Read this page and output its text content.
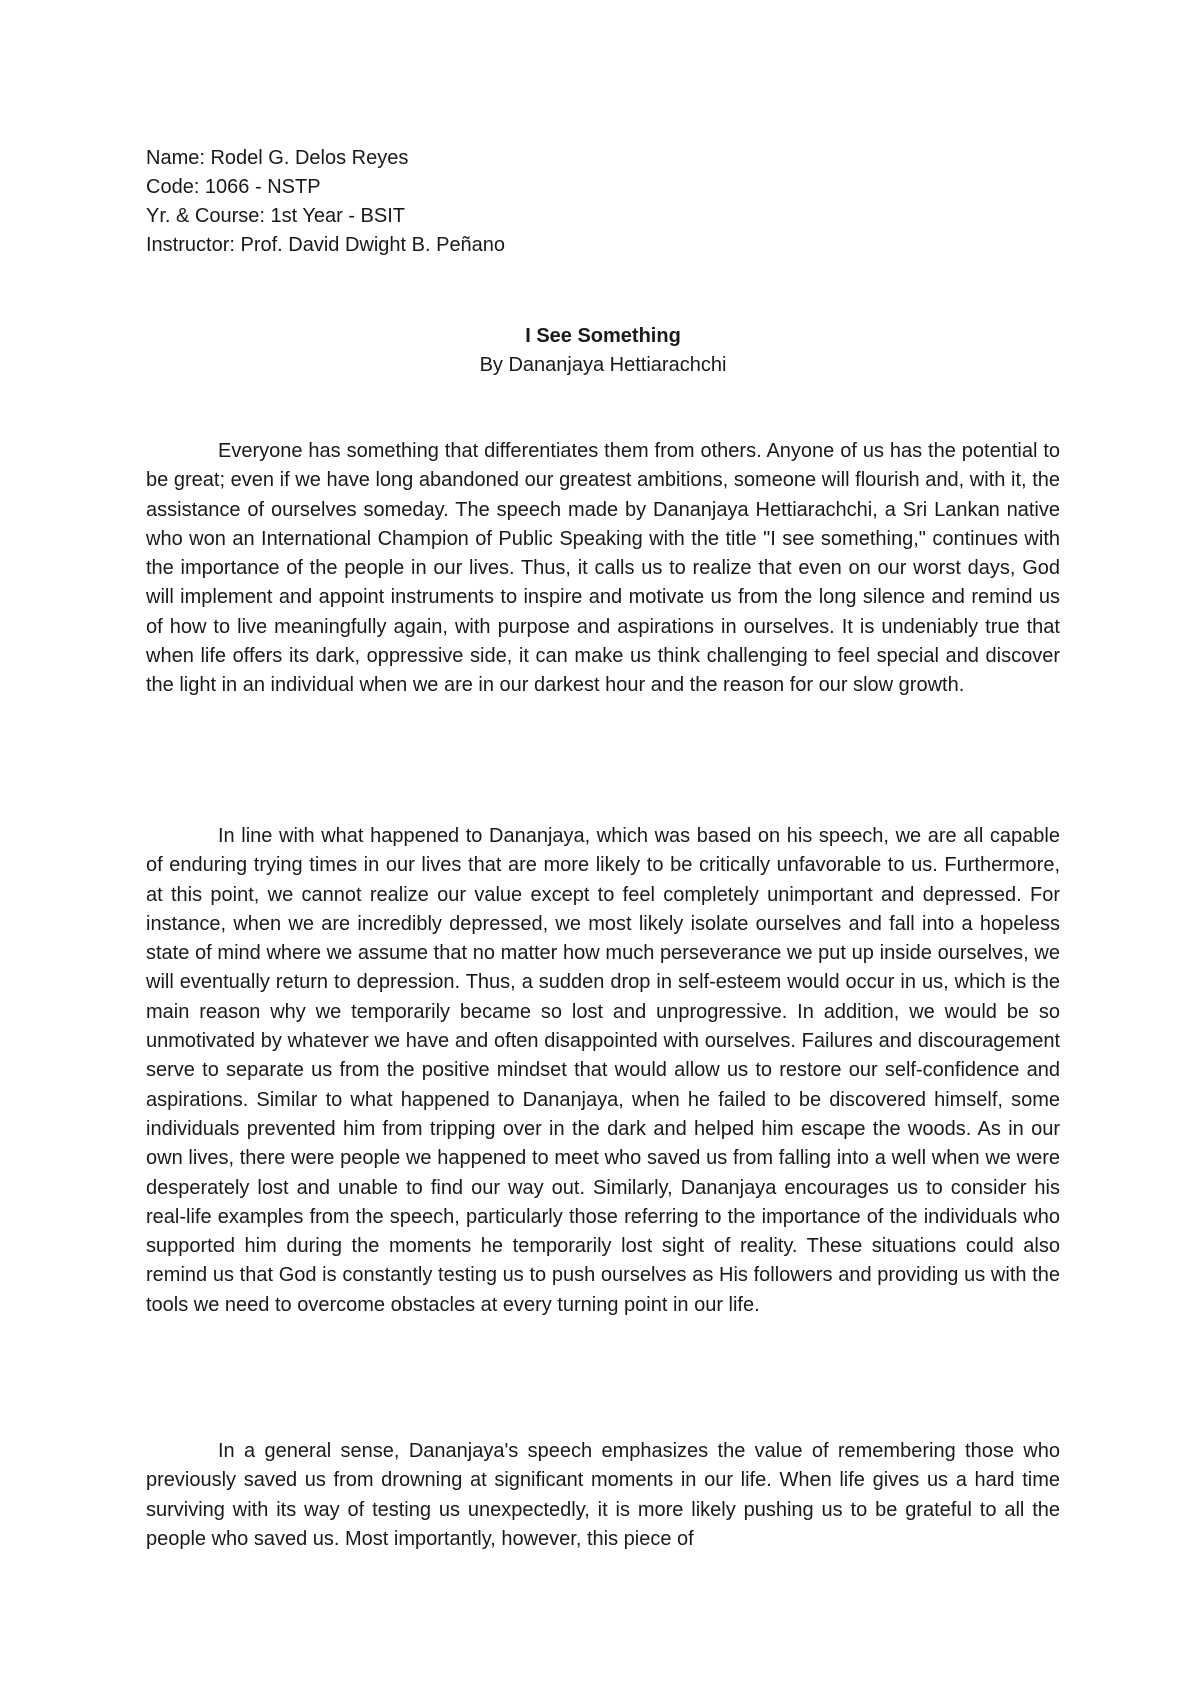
Name: Rodel G. Delos Reyes
Code: 1066 - NSTP
Yr. & Course: 1st Year - BSIT
Instructor: Prof. David Dwight B. Peñano
I See Something
By Dananjaya Hettiarachchi

Everyone has something that differentiates them from others. Anyone of us has the potential to be great; even if we have long abandoned our greatest ambitions, someone will flourish and, with it, the assistance of ourselves someday. The speech made by Dananjaya Hettiarachchi, a Sri Lankan native who won an International Champion of Public Speaking with the title "I see something," continues with the importance of the people in our lives. Thus, it calls us to realize that even on our worst days, God will implement and appoint instruments to inspire and motivate us from the long silence and remind us of how to live meaningfully again, with purpose and aspirations in ourselves. It is undeniably true that when life offers its dark, oppressive side, it can make us think challenging to feel special and discover the light in an individual when we are in our darkest hour and the reason for our slow growth.

In line with what happened to Dananjaya, which was based on his speech, we are all capable of enduring trying times in our lives that are more likely to be critically unfavorable to us. Furthermore, at this point, we cannot realize our value except to feel completely unimportant and depressed. For instance, when we are incredibly depressed, we most likely isolate ourselves and fall into a hopeless state of mind where we assume that no matter how much perseverance we put up inside ourselves, we will eventually return to depression. Thus, a sudden drop in self-esteem would occur in us, which is the main reason why we temporarily became so lost and unprogressive. In addition, we would be so unmotivated by whatever we have and often disappointed with ourselves. Failures and discouragement serve to separate us from the positive mindset that would allow us to restore our self-confidence and aspirations. Similar to what happened to Dananjaya, when he failed to be discovered himself, some individuals prevented him from tripping over in the dark and helped him escape the woods. As in our own lives, there were people we happened to meet who saved us from falling into a well when we were desperately lost and unable to find our way out. Similarly, Dananjaya encourages us to consider his real-life examples from the speech, particularly those referring to the importance of the individuals who supported him during the moments he temporarily lost sight of reality. These situations could also remind us that God is constantly testing us to push ourselves as His followers and providing us with the tools we need to overcome obstacles at every turning point in our life.

In a general sense, Dananjaya's speech emphasizes the value of remembering those who previously saved us from drowning at significant moments in our life. When life gives us a hard time surviving with its way of testing us unexpectedly, it is more likely pushing us to be grateful to all the people who saved us. Most importantly, however, this piece of
